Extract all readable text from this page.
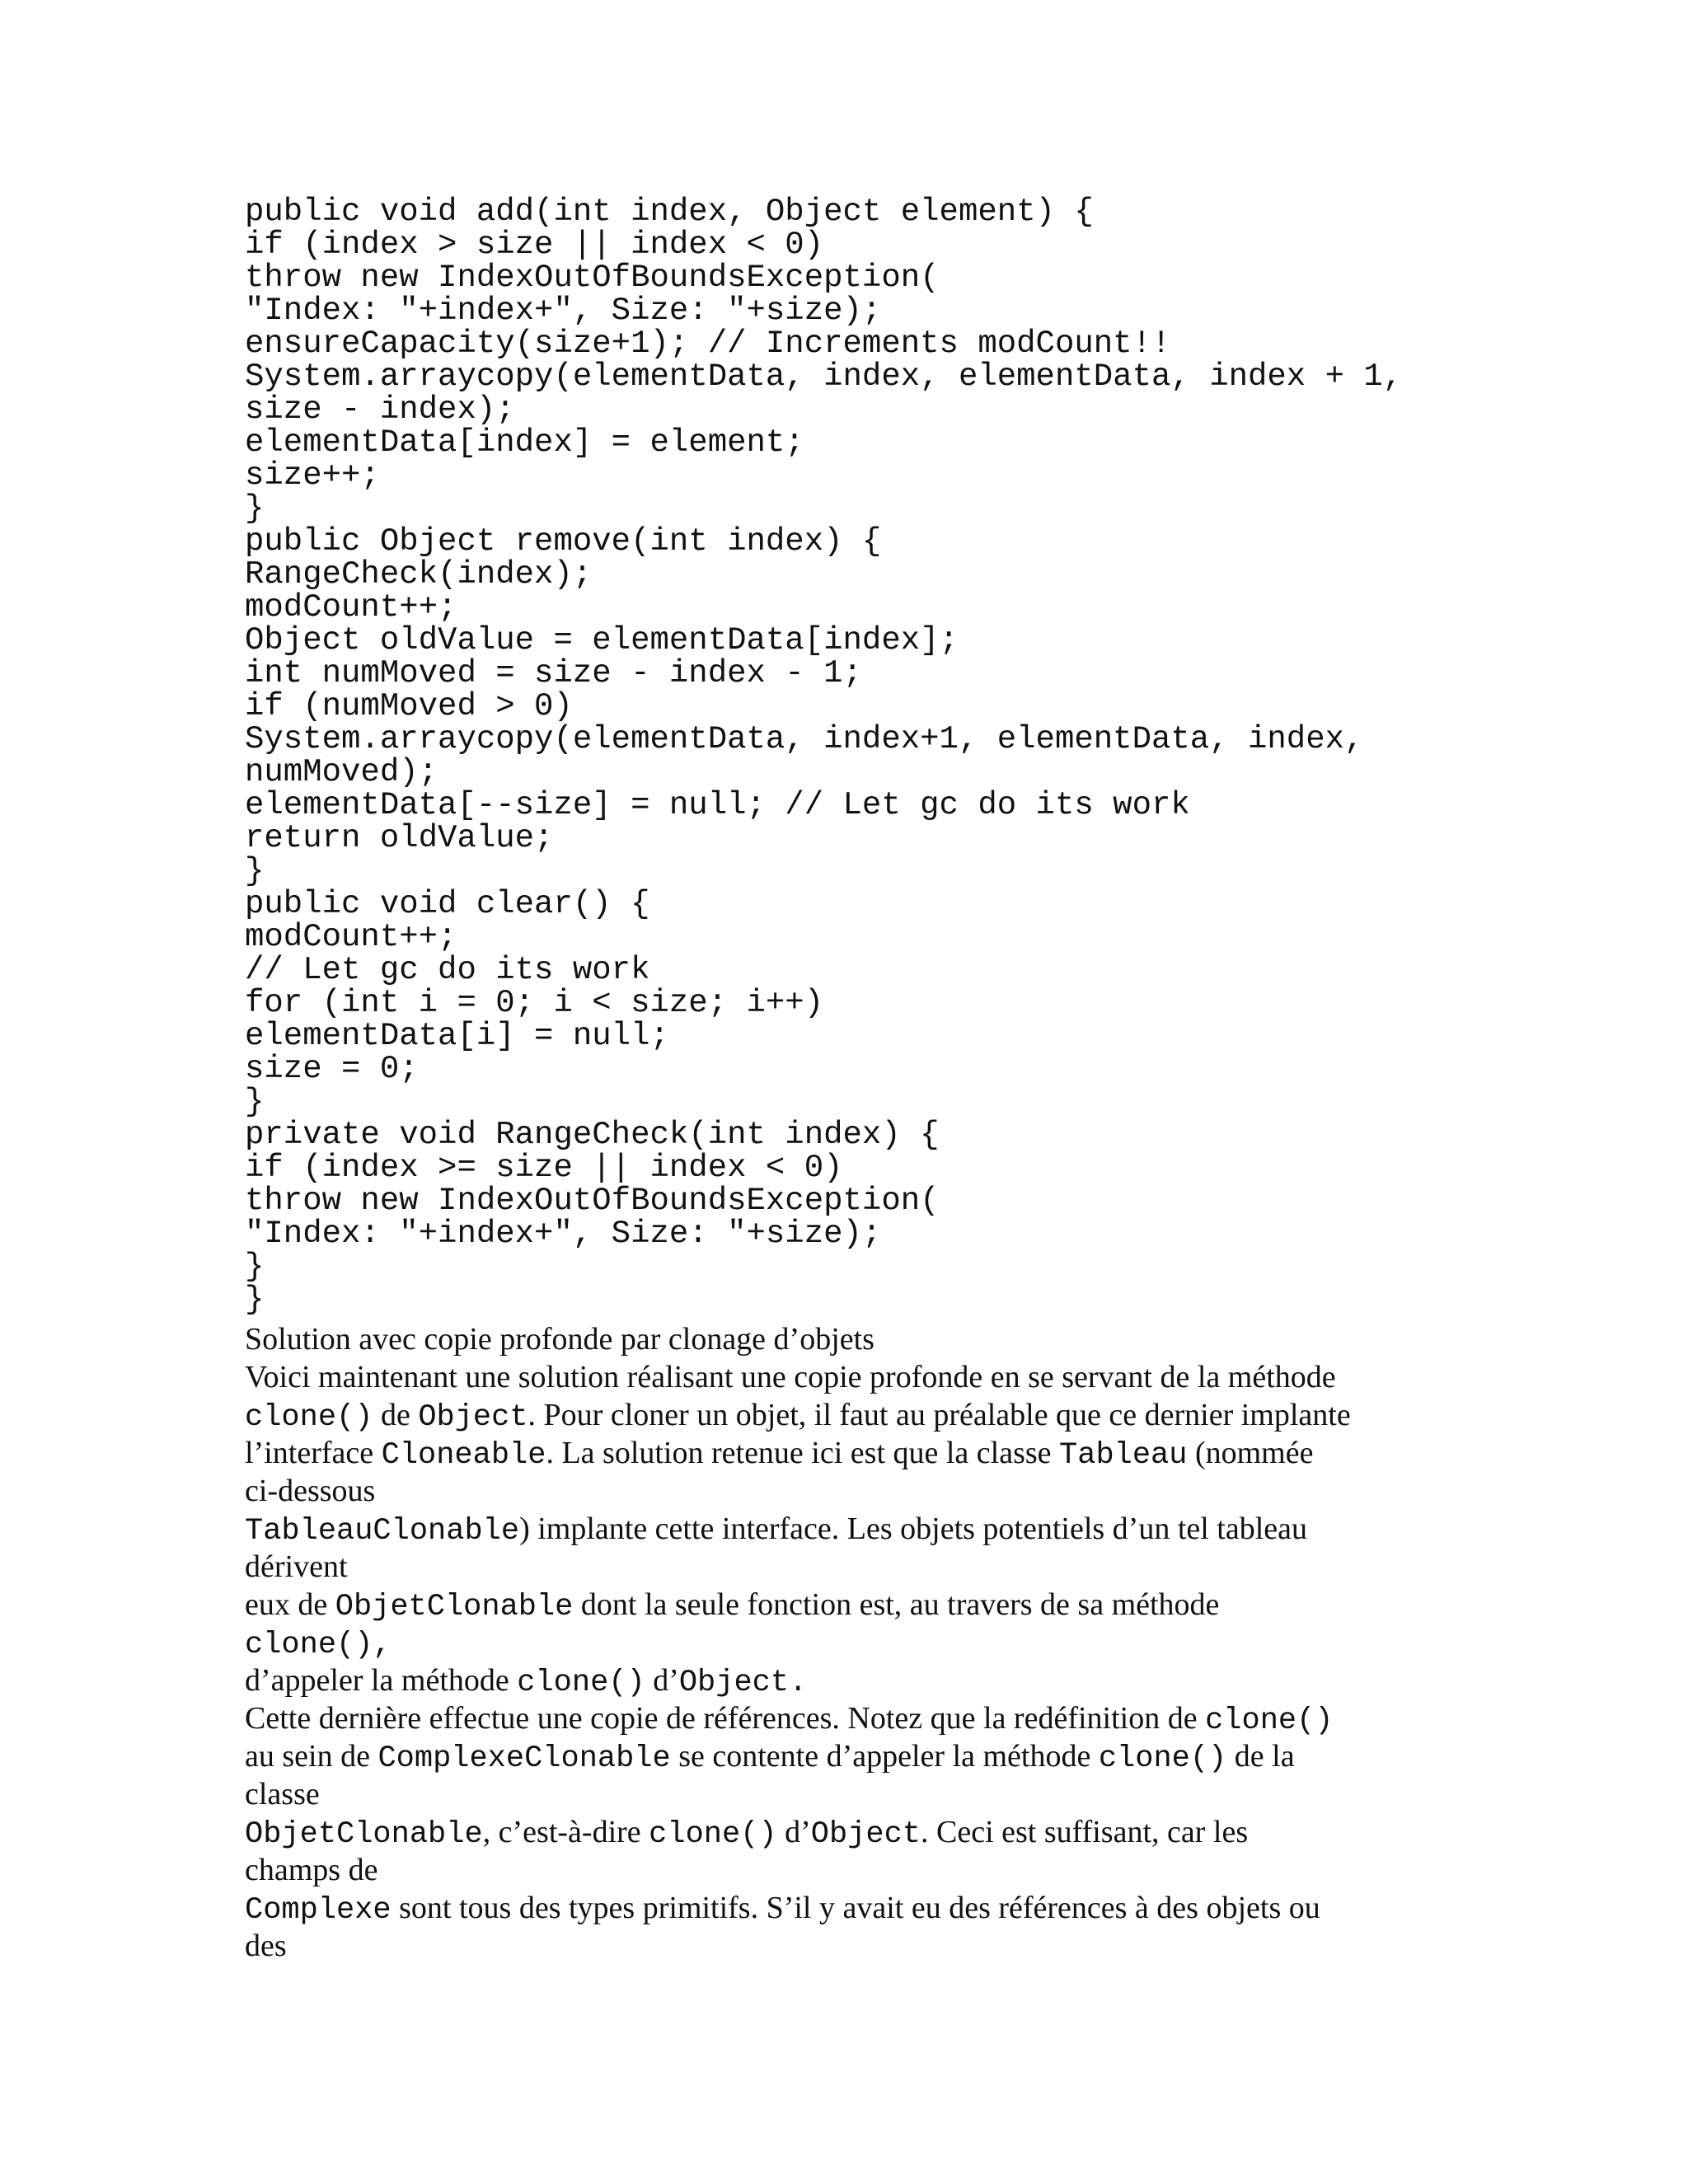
public void add(int index, Object element) {
if (index > size || index < 0)
throw new IndexOutOfBoundsException(
"Index: "+index+", Size: "+size);
ensureCapacity(size+1); // Increments modCount!!
System.arraycopy(elementData, index, elementData, index + 1,
size - index);
elementData[index] = element;
size++;
}
public Object remove(int index) {
RangeCheck(index);
modCount++;
Object oldValue = elementData[index];
int numMoved = size - index - 1;
if (numMoved > 0)
System.arraycopy(elementData, index+1, elementData, index,
numMoved);
elementData[--size] = null; // Let gc do its work
return oldValue;
}
public void clear() {
modCount++;
// Let gc do its work
for (int i = 0; i < size; i++)
elementData[i] = null;
size = 0;
}
private void RangeCheck(int index) {
if (index >= size || index < 0)
throw new IndexOutOfBoundsException(
"Index: "+index+", Size: "+size);
}
}
Solution avec copie profonde par clonage d’objets
Voici maintenant une solution réalisant une copie profonde en se servant de la méthode
clone() de Object. Pour cloner un objet, il faut au préalable que ce dernier implante
l’interface Cloneable. La solution retenue ici est que la classe Tableau (nommée
ci-dessous
TableauClonable) implante cette interface. Les objets potentiels d’un tel tableau
dérivent
eux de ObjetClonable dont la seule fonction est, au travers de sa méthode
clone(),
d’appeler la méthode clone() d’Object.
Cette dernière effectue une copie de références. Notez que la redéfinition de clone()
au sein de ComplexeClonable se contente d’appeler la méthode clone() de la
classe
ObjetClonable, c’est-à-dire clone() d’Object. Ceci est suffisant, car les
champs de
Complexe sont tous des types primitifs. S’il y avait eu des références à des objets ou
des
